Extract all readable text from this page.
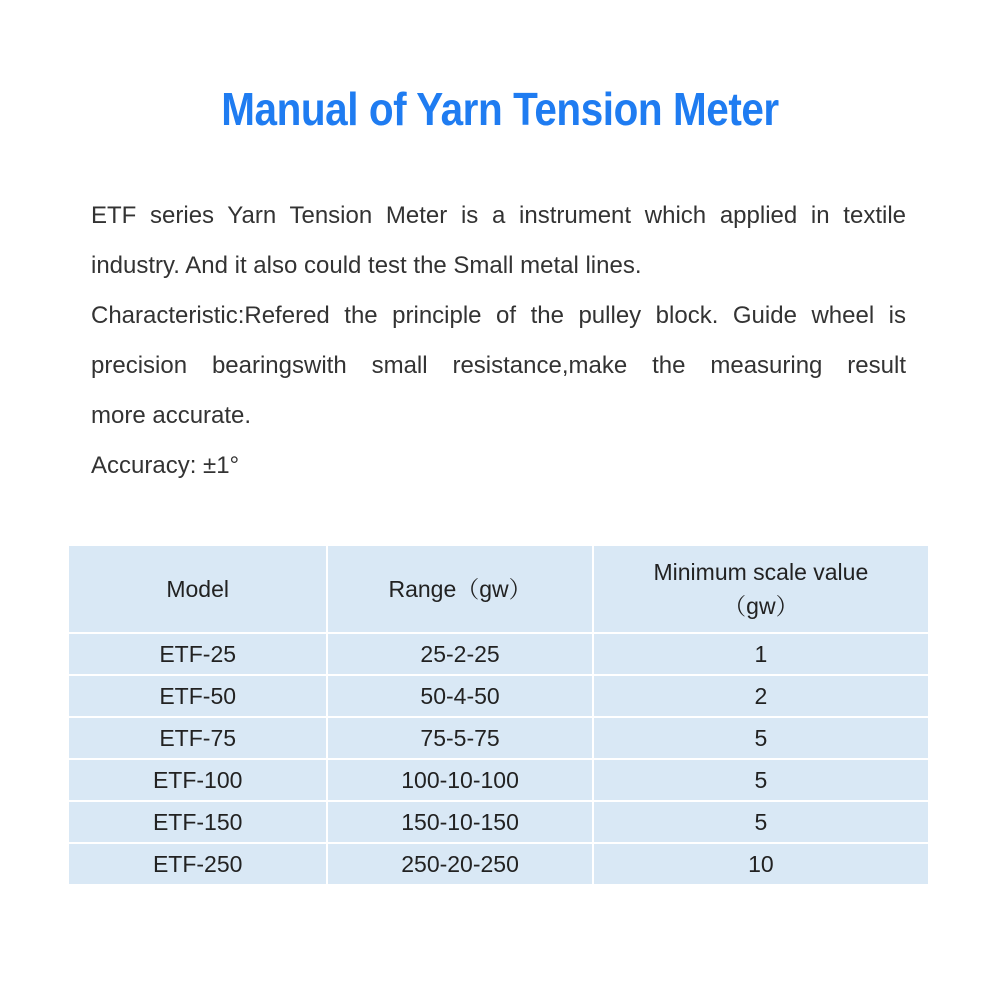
Manual of Yarn Tension Meter

ETF series Yarn Tension Meter is a instrument which applied in textile

industry. And it also could test the Small metal lines.

Characteristic:Refered the principle of the pulley block. Guide wheel is

precision bearingswith small resistance,make the measuring result

more accurate.

Accuracy: ±1°

Model	Range（gw）	Minimum scale value
（gw）

ETF-25	25-2-25	1
ETF-50	50-4-50	2
ETF-75	75-5-75	5
ETF-100	100-10-100	5
ETF-150	150-10-150	5
ETF-250	250-20-250	10
